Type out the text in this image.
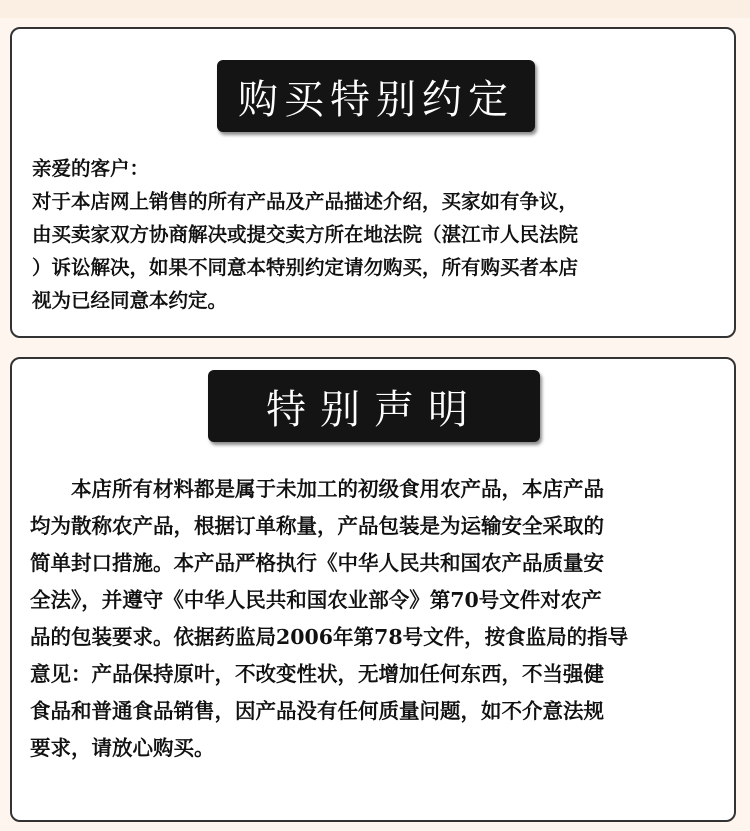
购买特别约定
亲爱的客户：
对于本店网上销售的所有产品及产品描述介绍，买家如有争议，
由买卖家双方协商解决或提交卖方所在地法院（湛江市人民法院
）诉讼解决，如果不同意本特别约定请勿购买，所有购买者本店
视为已经同意本约定。
特别声明
　　本店所有材料都是属于未加工的初级食用农产品，本店产品
均为散称农产品，根据订单称量，产品包装是为运输安全采取的
简单封口措施。本产品严格执行《中华人民共和国农产品质量安
全法》，并遵守《中华人民共和国农业部令》第70号文件对农产
品的包装要求。依据药监局2006年第78号文件，按食监局的指导
意见：产品保持原叶，不改变性状，无增加任何东西，不当强健
食品和普通食品销售，因产品没有任何质量问题，如不介意法规
要求，请放心购买。
